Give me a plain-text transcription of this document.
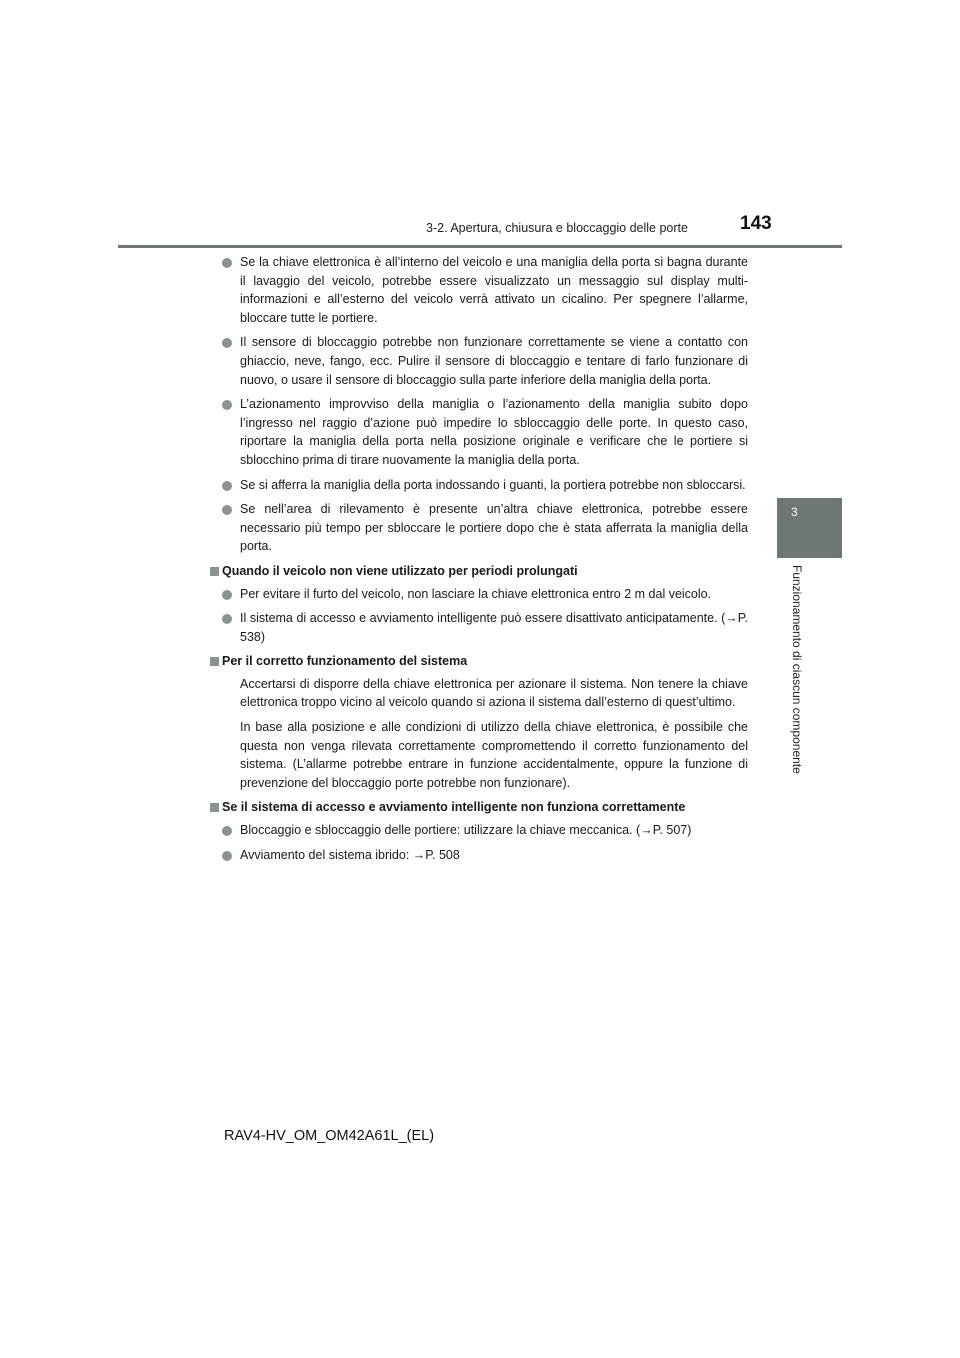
3-2. Apertura, chiusura e bloccaggio delle porte	143
3
Funzionamento di ciascun componente
Se la chiave elettronica è all’interno del veicolo e una maniglia della porta si bagna durante il lavaggio del veicolo, potrebbe essere visualizzato un messaggio sul display multi-informazioni e all’esterno del veicolo verrà attivato un cicalino. Per spegnere l’allarme, bloccare tutte le portiere.
Il sensore di bloccaggio potrebbe non funzionare correttamente se viene a contatto con ghiaccio, neve, fango, ecc. Pulire il sensore di bloccaggio e tentare di farlo funzionare di nuovo, o usare il sensore di bloccaggio sulla parte inferiore della maniglia della porta.
L’azionamento improvviso della maniglia o l’azionamento della maniglia subito dopo l’ingresso nel raggio d’azione può impedire lo sbloccaggio delle porte. In questo caso, riportare la maniglia della porta nella posizione originale e verificare che le portiere si sblocchino prima di tirare nuovamente la maniglia della porta.
Se si afferra la maniglia della porta indossando i guanti, la portiera potrebbe non sbloccarsi.
Se nell’area di rilevamento è presente un’altra chiave elettronica, potrebbe essere necessario più tempo per sbloccare le portiere dopo che è stata afferrata la maniglia della porta.
Quando il veicolo non viene utilizzato per periodi prolungati
Per evitare il furto del veicolo, non lasciare la chiave elettronica entro 2 m dal veicolo.
Il sistema di accesso e avviamento intelligente può essere disattivato anticipatamente. (→P. 538)
Per il corretto funzionamento del sistema
Accertarsi di disporre della chiave elettronica per azionare il sistema. Non tenere la chiave elettronica troppo vicino al veicolo quando si aziona il sistema dall’esterno di quest’ultimo.
In base alla posizione e alle condizioni di utilizzo della chiave elettronica, è possibile che questa non venga rilevata correttamente compromettendo il corretto funzionamento del sistema. (L’allarme potrebbe entrare in funzione accidentalmente, oppure la funzione di prevenzione del bloccaggio porte potrebbe non funzionare).
Se il sistema di accesso e avviamento intelligente non funziona correttamente
Bloccaggio e sbloccaggio delle portiere: utilizzare la chiave meccanica. (→P. 507)
Avviamento del sistema ibrido: →P. 508
RAV4-HV_OM_OM42A61L_(EL)
